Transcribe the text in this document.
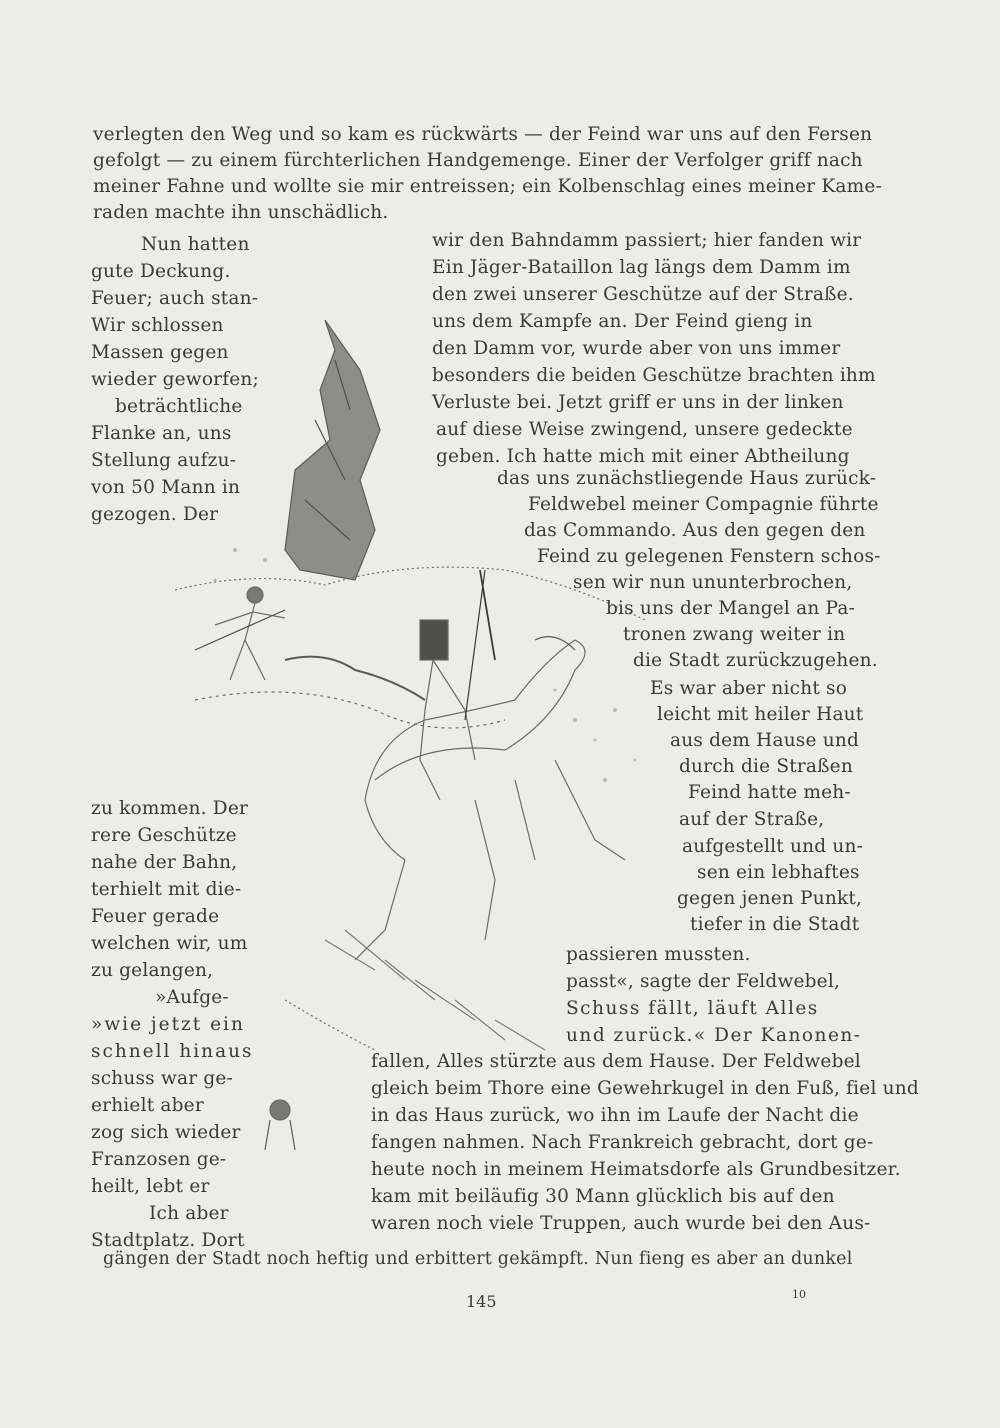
verlegten den Weg und so kam es rückwärts — der Feind war uns auf den Fersen
gefolgt — zu einem fürchterlichen Handgemenge. Einer der Verfolger griff nach
meiner Fahne und wollte sie mir entreissen; ein Kolbenschlag eines meiner Kame-
raden machte ihn unschädlich.
Nun hatten
gute Deckung.
Feuer; auch stan-
Wir schlossen
Massen gegen
wieder geworfen;
beträchtliche
Flanke an, uns
Stellung aufzu-
von 50 Mann in
gezogen. Der
wir den Bahndamm passiert; hier fanden wir
Ein Jäger-Bataillon lag längs dem Damm im
den zwei unserer Geschütze auf der Straße.
uns dem Kampfe an. Der Feind gieng in
den Damm vor, wurde aber von uns immer
besonders die beiden Geschütze brachten ihm
Verluste bei. Jetzt griff er uns in der linken
auf diese Weise zwingend, unsere gedeckte
geben. Ich hatte mich mit einer Abtheilung
das uns zunächstliegende Haus zurück-
Feldwebel meiner Compagnie führte
das Commando. Aus den gegen den
Feind zu gelegenen Fenstern schos-
sen wir nun ununterbrochen,
bis uns der Mangel an Pa-
tronen zwang weiter in
die Stadt zurückzugehen.
Es war aber nicht so
leicht mit heiler Haut
aus dem Hause und
durch die Straßen
Feind hatte meh-
auf der Straße,
aufgestellt und un-
sen ein lebhaftes
gegen jenen Punkt,
tiefer in die Stadt
zu kommen. Der
rere Geschütze
nahe der Bahn,
terhielt mit die-
Feuer gerade
welchen wir, um
zu gelangen,
»Aufge-
»wie jetzt ein
schnell hinaus
schuss war ge-
erhielt aber
zog sich wieder
Franzosen ge-
heilt, lebt er
Ich aber
Stadtplatz. Dort
passieren mussten.
passt«, sagte der Feldwebel,
Schuss fällt, läuft Alles
und zurück.« Der Kanonen-
fallen, Alles stürzte aus dem Hause. Der Feldwebel
gleich beim Thore eine Gewehrkugel in den Fuß, fiel und
in das Haus zurück, wo ihn im Laufe der Nacht die
fangen nahmen. Nach Frankreich gebracht, dort ge-
heute noch in meinem Heimatsdorfe als Grundbesitzer.
kam mit beiläufig 30 Mann glücklich bis auf den
waren noch viele Truppen, auch wurde bei den Aus-
gängen der Stadt noch heftig und erbittert gekämpft. Nun fieng es aber an dunkel
145	10
